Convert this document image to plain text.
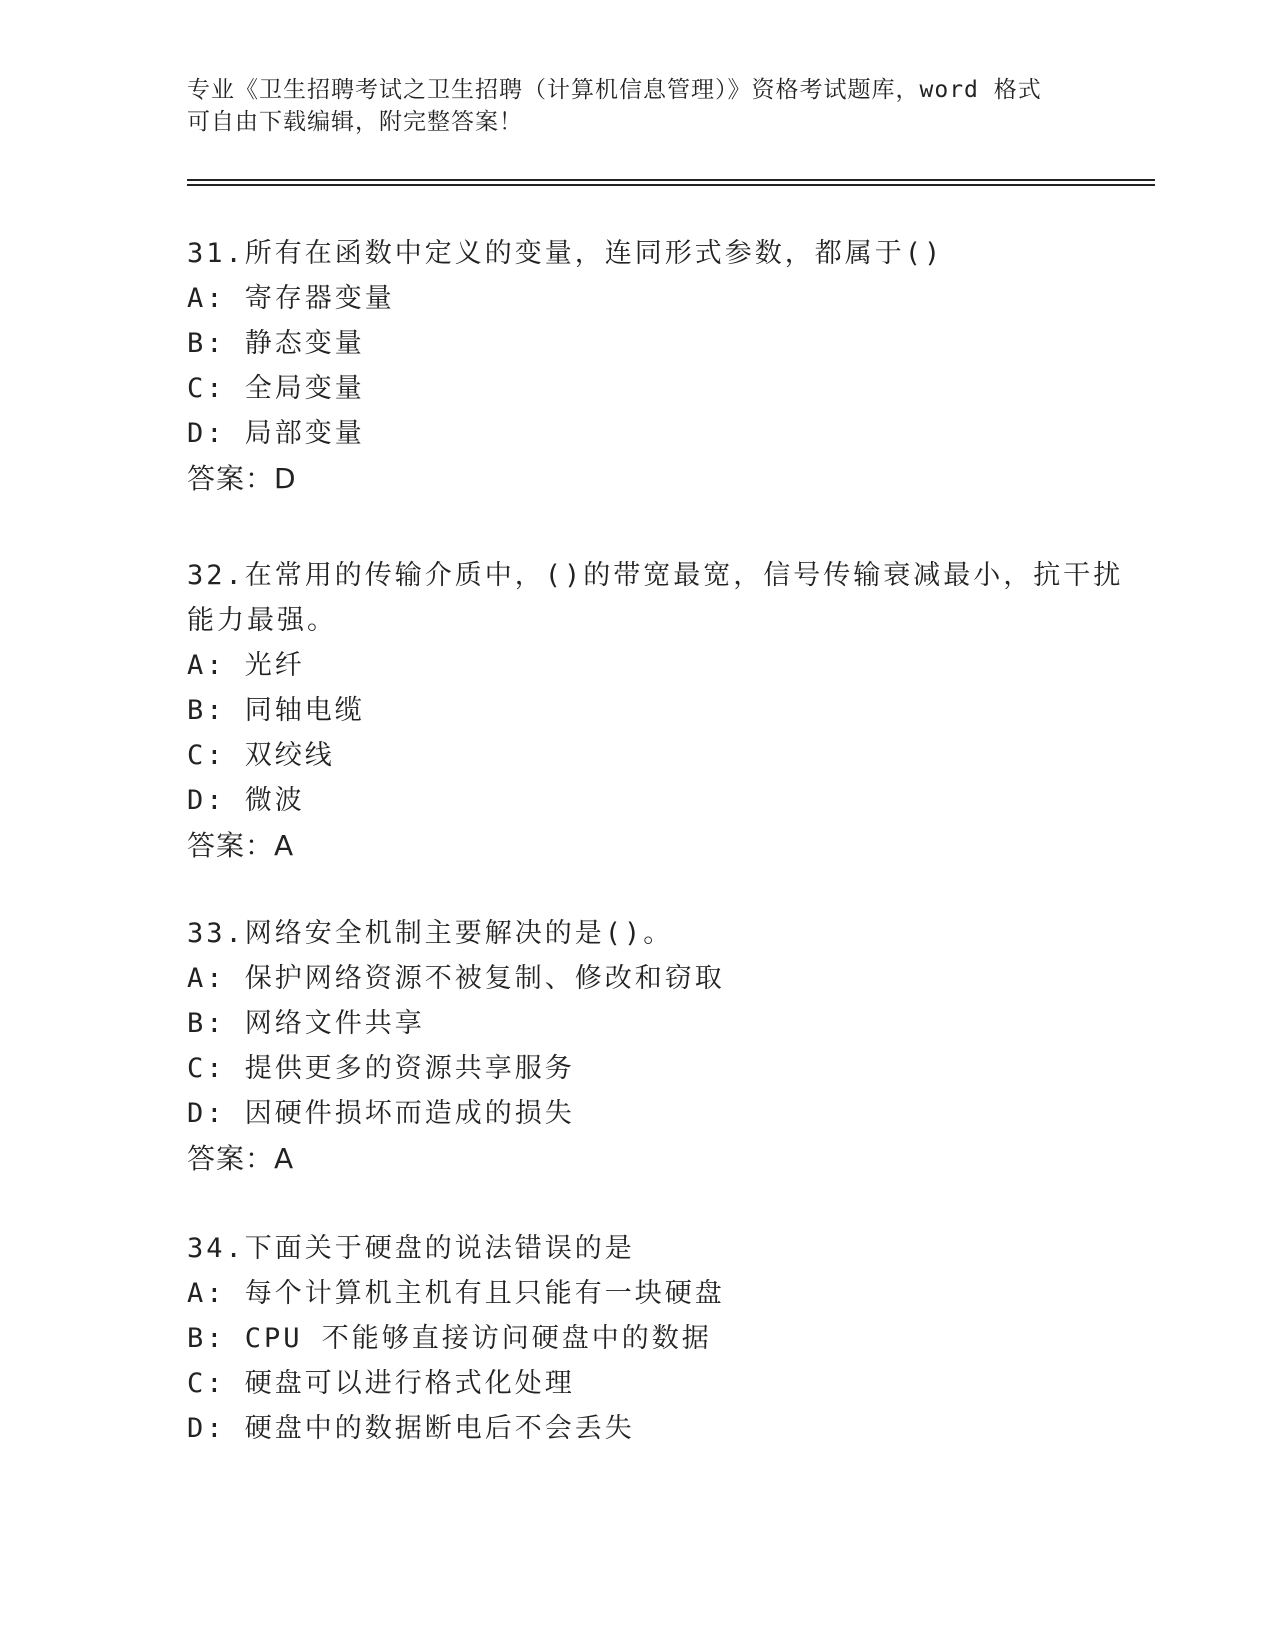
专业《卫生招聘考试之卫生招聘（计算机信息管理）》资格考试题库，word 格式
可自由下载编辑，附完整答案！
31.所有在函数中定义的变量，连同形式参数，都属于()
A: 寄存器变量
B: 静态变量
C: 全局变量
D: 局部变量
答案：D
32.在常用的传输介质中，()的带宽最宽，信号传输衰减最小，抗干扰
能力最强。
A: 光纤
B: 同轴电缆
C: 双绞线
D: 微波
答案：A
33.网络安全机制主要解决的是()。
A: 保护网络资源不被复制、修改和窃取
B: 网络文件共享
C: 提供更多的资源共享服务
D: 因硬件损坏而造成的损失
答案：A
34.下面关于硬盘的说法错误的是
A: 每个计算机主机有且只能有一块硬盘
B: CPU 不能够直接访问硬盘中的数据
C: 硬盘可以进行格式化处理
D: 硬盘中的数据断电后不会丢失
